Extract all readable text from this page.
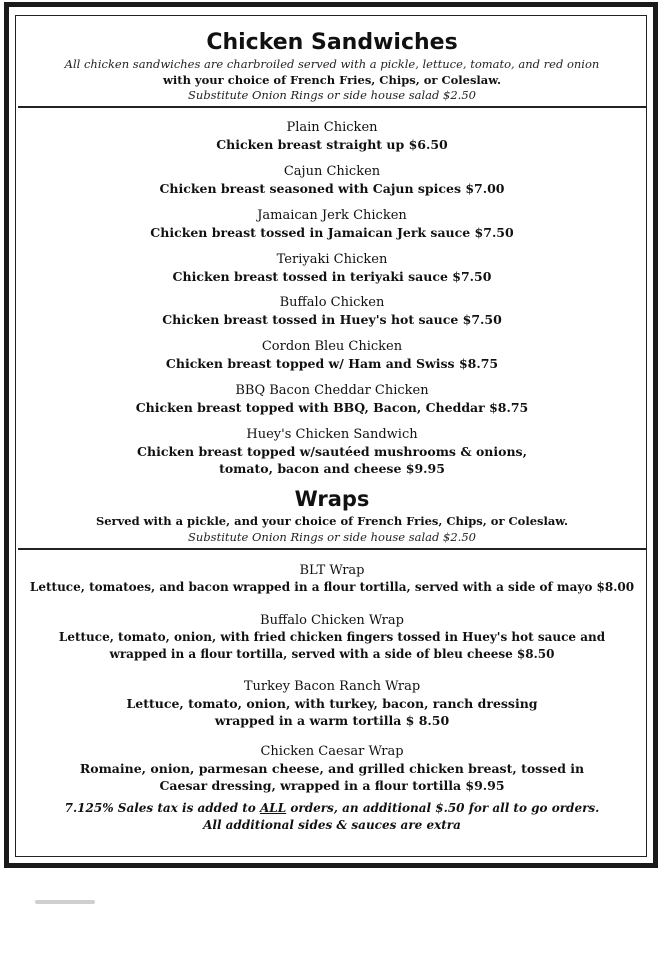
Chicken Sandwiches
All chicken sandwiches are charbroiled served with a pickle, lettuce, tomato, and red onion
with your choice of French Fries, Chips, or Coleslaw.
Substitute Onion Rings or side house salad $2.50
Plain Chicken
Chicken breast straight up $6.50
Cajun Chicken
Chicken breast seasoned with Cajun spices $7.00
Jamaican Jerk Chicken
Chicken breast tossed in Jamaican Jerk sauce $7.50
Teriyaki Chicken
Chicken breast tossed in teriyaki sauce $7.50
Buffalo Chicken
Chicken breast tossed in Huey's hot sauce $7.50
Cordon Bleu Chicken
Chicken breast topped w/ Ham and Swiss $8.75
BBQ Bacon Cheddar Chicken
Chicken breast topped with BBQ, Bacon, Cheddar $8.75
Huey's Chicken Sandwich
Chicken breast topped w/sautéed mushrooms & onions,
tomato, bacon and cheese $9.95
Wraps
Served with a pickle, and your choice of French Fries, Chips, or Coleslaw.
Substitute Onion Rings or side house salad $2.50
BLT Wrap
Lettuce, tomatoes, and bacon wrapped in a flour tortilla, served with a side of mayo $8.00
Buffalo Chicken Wrap
Lettuce, tomato, onion, with fried chicken fingers tossed in Huey's hot sauce and
wrapped in a flour tortilla, served with a side of bleu cheese $8.50
Turkey Bacon Ranch Wrap
Lettuce, tomato, onion, with turkey, bacon, ranch dressing
wrapped in a warm tortilla $ 8.50
Chicken Caesar Wrap
Romaine, onion, parmesan cheese, and grilled chicken breast, tossed in
Caesar dressing, wrapped in a flour tortilla $9.95
7.125% Sales tax is added to ALL orders, an additional $.50 for all to go orders.
All additional sides & sauces are extra
